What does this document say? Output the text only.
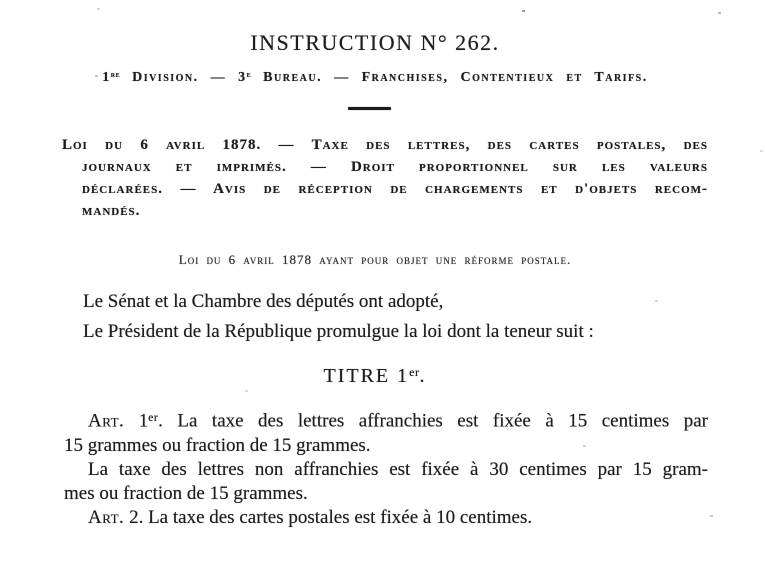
INSTRUCTION N° 262.
1re Division. — 3e Bureau. — Franchises, Contentieux et Tarifs.
Loi du 6 avril 1878. — Taxe des lettres, des cartes postales, des
journaux et imprimés. — Droit proportionnel sur les valeurs
déclarées. — Avis de réception de chargements et d'objets recom-
mandés.
Loi du 6 avril 1878 ayant pour objet une réforme postale.
Le Sénat et la Chambre des députés ont adopté,
Le Président de la République promulgue la loi dont la teneur suit :
TITRE 1er.
Art. 1er. La taxe des lettres affranchies est fixée à 15 centimes par
15 grammes ou fraction de 15 grammes.
La taxe des lettres non affranchies est fixée à 30 centimes par 15 gram-
mes ou fraction de 15 grammes.
Art. 2. La taxe des cartes postales est fixée à 10 centimes.
